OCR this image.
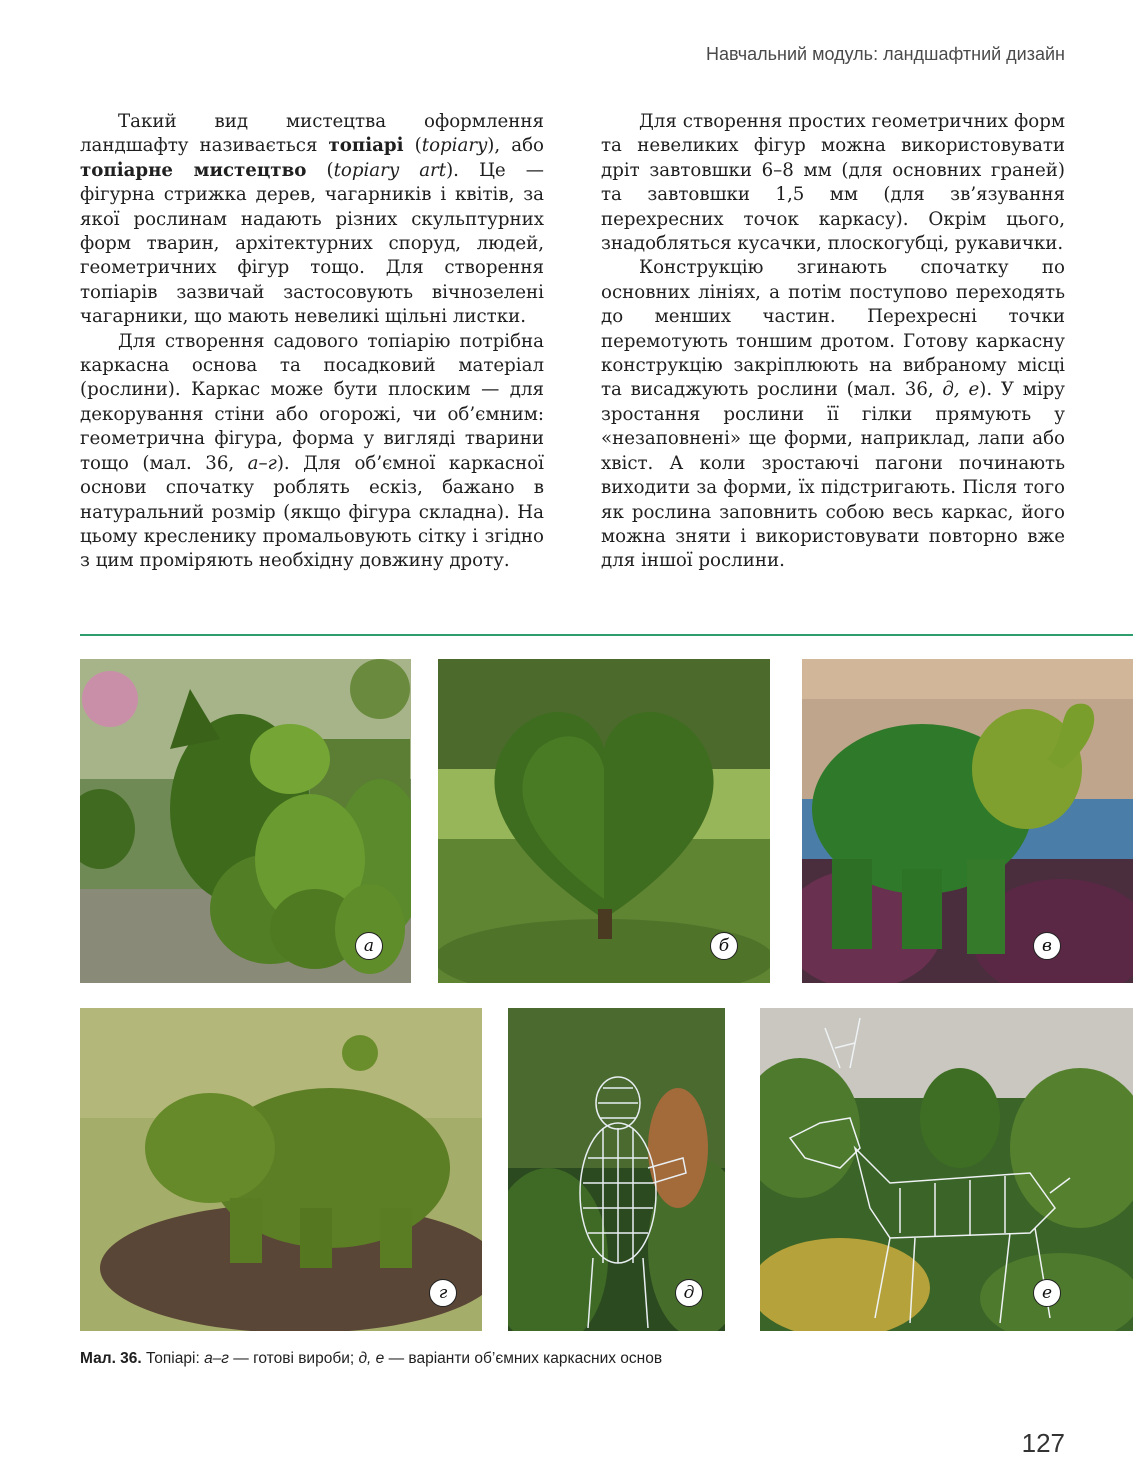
Навчальний модуль: ландшафтний дизайн

Такий вид мистецтва оформлення ландшафту називається топіарі (topiary), або топіарне мистецтво (topiary art). Це — фігурна стрижка дерев, чагарників і квітів, за якої рослинам надають різних скульптурних форм тварин, архітектурних споруд, людей, геометричних фігур тощо. Для створення топіарів зазвичай застосовують вічнозелені чагарники, що мають невеликі щільні листки.

Для створення садового топіарію потрібна каркасна основа та посадковий матеріал (рослини). Каркас може бути плоским — для декорування стіни або огорожі, чи об’ємним: геометрична фігура, форма у вигляді тварини тощо (мал. 36, а–г). Для об’ємної каркасної основи спочатку роблять ескіз, бажано в натуральний розмір (якщо фігура складна). На цьому кресленику промальовують сітку і згідно з цим проміряють необхідну довжину дроту.

Для створення простих геометричних форм та невеликих фігур можна використовувати дріт завтовшки 6–8 мм (для основних граней) та завтовшки 1,5 мм (для зв’язування перехресних точок каркасу). Окрім цього, знадобляться кусачки, плоскогубці, рукавички.

Конструкцію згинають спочатку по основних лініях, а потім поступово переходять до менших частин. Перехресні точки перемотують тоншим дротом. Готову каркасну конструкцію закріплюють на вибраному місці та висаджують рослини (мал. 36, д, е). У міру зростання рослини її гілки прямують у «незаповнені» ще форми, наприклад, лапи або хвіст. А коли зростаючі пагони починають виходити за форми, їх підстригають. Після того як рослина заповнить собою весь каркас, його можна зняти і використовувати повторно вже для іншої рослини.

а	б	в
г	д	е
Мал. 36. Топіарі: а–г — готові вироби; д, е — варіанти об’ємних каркасних основ
127
